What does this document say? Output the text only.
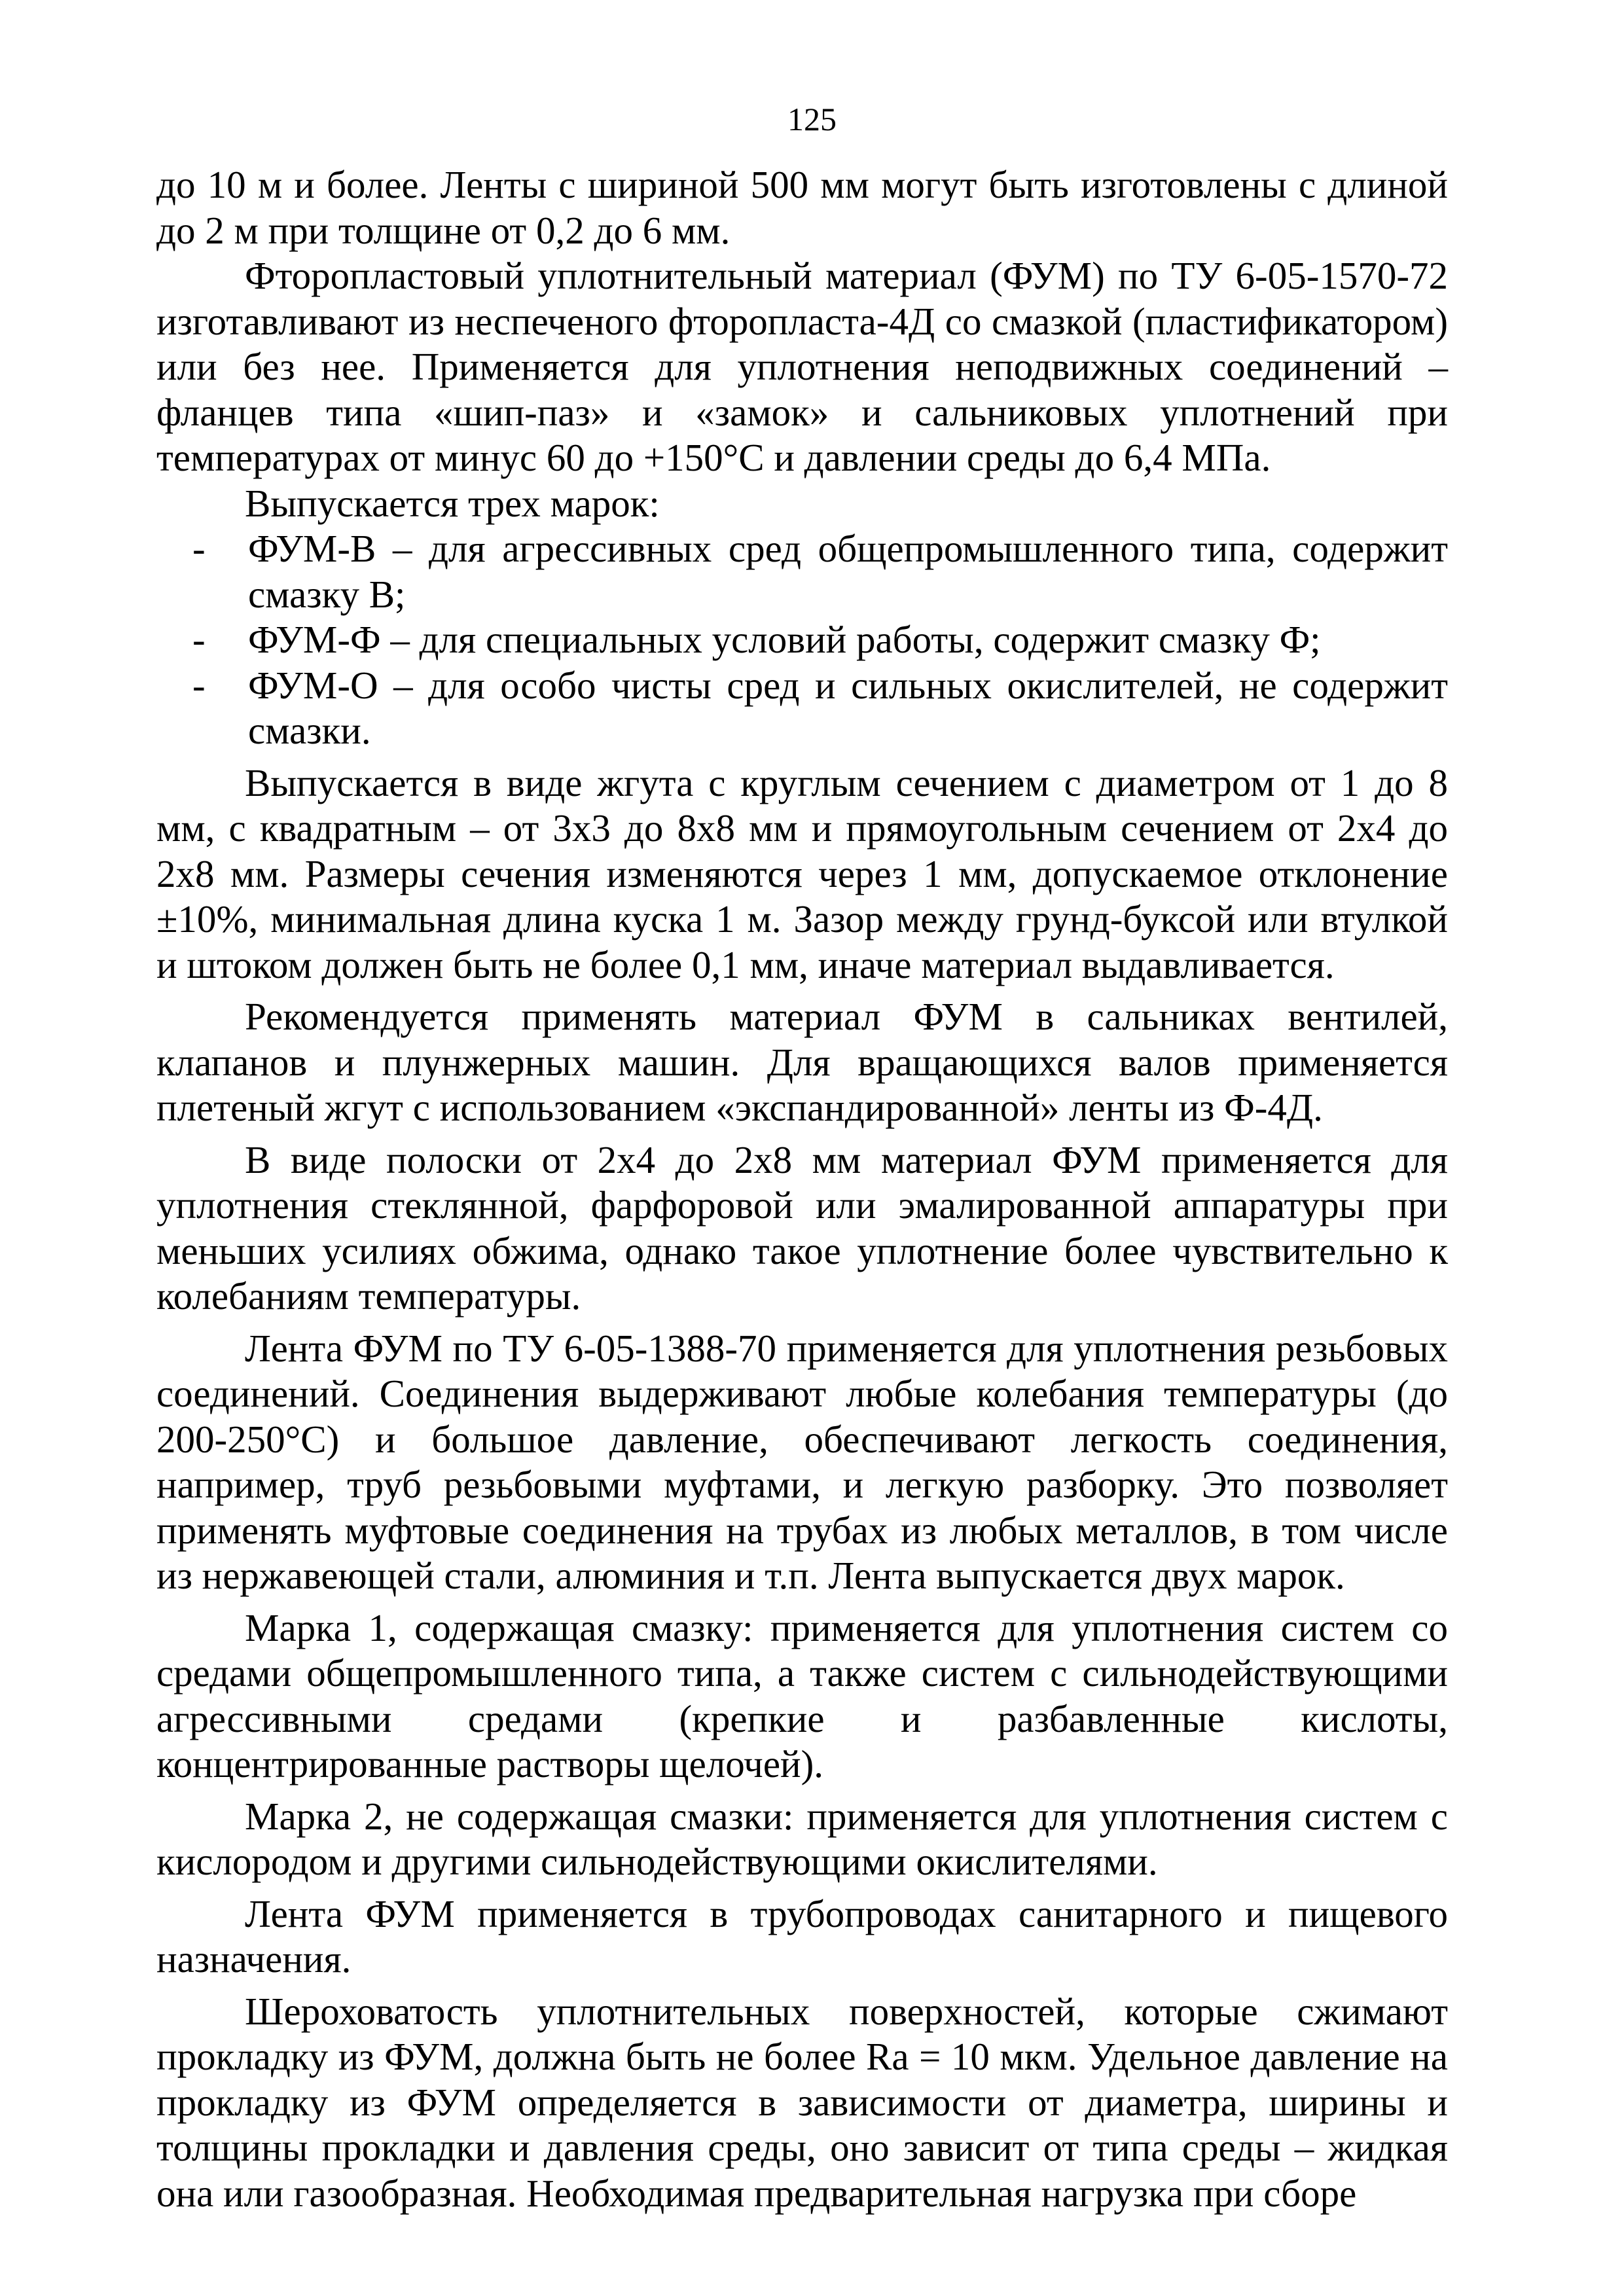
125

до 10 м и более. Ленты с шириной 500 мм могут быть изготовлены с длиной до 2 м при толщине от 0,2 до 6 мм.

Фторопластовый уплотнительный материал (ФУМ) по ТУ 6-05-1570-72 изготавливают из неспеченого фторопласта-4Д со смазкой (пластификатором) или без нее. Применяется для уплотнения неподвижных соединений – фланцев типа «шип-паз» и «замок» и сальниковых уплотнений при температурах от минус 60 до +150°С и давлении среды до 6,4 МПа.

Выпускается трех марок:

- ФУМ-В – для агрессивных сред общепромышленного типа, содержит смазку В;
- ФУМ-Ф – для специальных условий работы, содержит смазку Ф;
- ФУМ-О – для особо чисты сред и сильных окислителей, не содержит смазки.

Выпускается в виде жгута с круглым сечением с диаметром от 1 до 8 мм, с квадратным – от 3х3 до 8х8 мм и прямоугольным сечением от 2х4 до 2х8 мм. Размеры сечения изменяются через 1 мм, допускаемое отклонение ±10%, минимальная длина куска 1 м. Зазор между грунд-буксой или втулкой и штоком должен быть не более 0,1 мм, иначе материал выдавливается.

Рекомендуется применять материал ФУМ в сальниках вентилей, клапанов и плунжерных машин. Для вращающихся валов применяется плетеный жгут с использованием «экспандированной» ленты из Ф-4Д.

В виде полоски от 2х4 до 2х8 мм материал ФУМ применяется для уплотнения стеклянной, фарфоровой или эмалированной аппаратуры при меньших усилиях обжима, однако такое уплотнение более чувствительно к колебаниям температуры.

Лента ФУМ по ТУ 6-05-1388-70 применяется для уплотнения резьбовых соединений. Соединения выдерживают любые колебания температуры (до 200-250°С) и большое давление, обеспечивают легкость соединения, например, труб резьбовыми муфтами, и легкую разборку. Это позволяет применять муфтовые соединения на трубах из любых металлов, в том числе из нержавеющей стали, алюминия и т.п. Лента выпускается двух марок.

Марка 1, содержащая смазку: применяется для уплотнения систем со средами общепромышленного типа, а также систем с сильнодействующими агрессивными средами (крепкие и разбавленные кислоты, концентрированные растворы щелочей).

Марка 2, не содержащая смазки: применяется для уплотнения систем с кислородом и другими сильнодействующими окислителями.

Лента ФУМ применяется в трубопроводах санитарного и пищевого назначения.

Шероховатость уплотнительных поверхностей, которые сжимают прокладку из ФУМ, должна быть не более Ra = 10 мкм. Удельное давление на прокладку из ФУМ определяется в зависимости от диаметра, ширины и толщины прокладки и давления среды, оно зависит от типа среды – жидкая она или газообразная. Необходимая предварительная нагрузка при сборе
